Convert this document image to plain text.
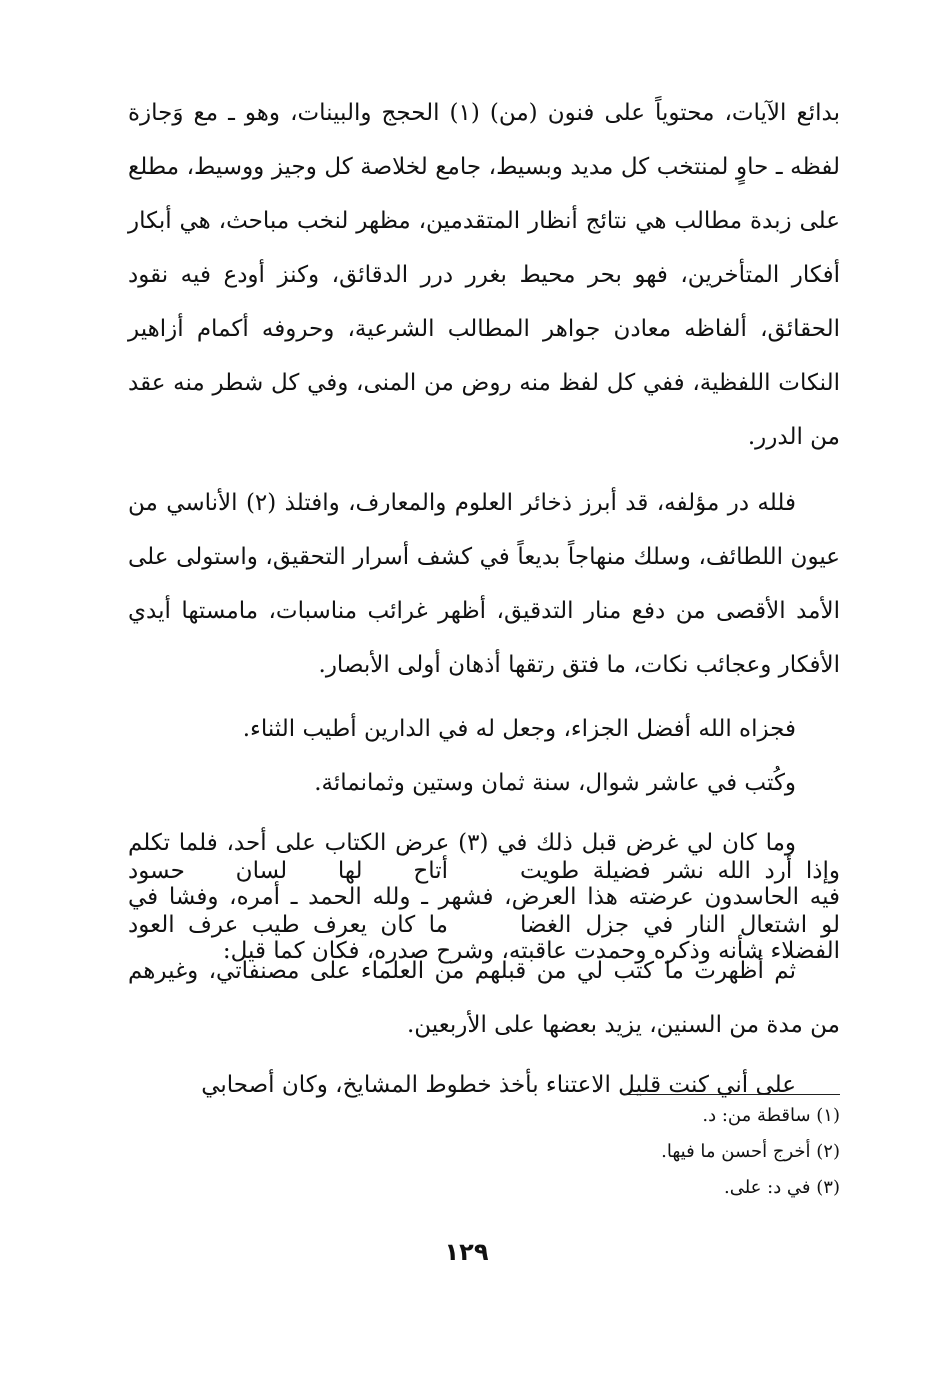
بدائع الآيات، محتوياً على فنون (من) (١) الحجج والبينات، وهو ـ مع وَجازة لفظه ـ حاوٍ لمنتخب كل مديد وبسيط، جامع لخلاصة كل وجيز ووسيط، مطلع على زبدة مطالب هي نتائج أنظار المتقدمين، مظهر لنخب مباحث، هي أبكار أفكار المتأخرين، فهو بحر محيط بغرر درر الدقائق، وكنز أودع فيه نقود الحقائق، ألفاظه معادن جواهر المطالب الشرعية، وحروفه أكمام أزاهير النكات اللفظية، ففي كل لفظ منه روض من المنى، وفي كل شطر منه عقد من الدرر.

فلله در مؤلفه، قد أبرز ذخائر العلوم والمعارف، وافتلذ (٢) الأناسي من عيون اللطائف، وسلك منهاجاً بديعاً في كشف أسرار التحقيق، واستولى على الأمد الأقصى من دفع منار التدقيق، أظهر غرائب مناسبات، مامستها أيدي الأفكار وعجائب نكات، ما فتق رتقها أذهان أولى الأبصار.

فجزاه الله أفضل الجزاء، وجعل له في الدارين أطيب الثناء.

وكُتب في عاشر شوال، سنة ثمان وستين وثمانمائة.

وما كان لي غرض قبل ذلك في (٣) عرض الكتاب على أحد، فلما تكلم فيه الحاسدون عرضته هذا العرض، فشهر ـ ولله الحمد ـ أمره، وفشا في الفضلاء شأنه وذكره وحمدت عاقبته، وشرح صدره، فكان كما قيل:

وإذا أرد الله نشر فضيلة طويت
أتاح لها لسان حسود
لو اشتعال النار في جزل الغضا
ما كان يعرف طيب عرف العود

ثم أظهرت ما كتب لي من قبلهم من العلماء على مصنفاتي، وغيرهم من مدة من السنين، يزيد بعضها على الأربعين.

على أني كنت قليل الاعتناء بأخذ خطوط المشايخ، وكان أصحابي

(١) ساقطة من: د.

(٢) أخرج أحسن ما فيها.

(٣) في د: على.

١٢٩
